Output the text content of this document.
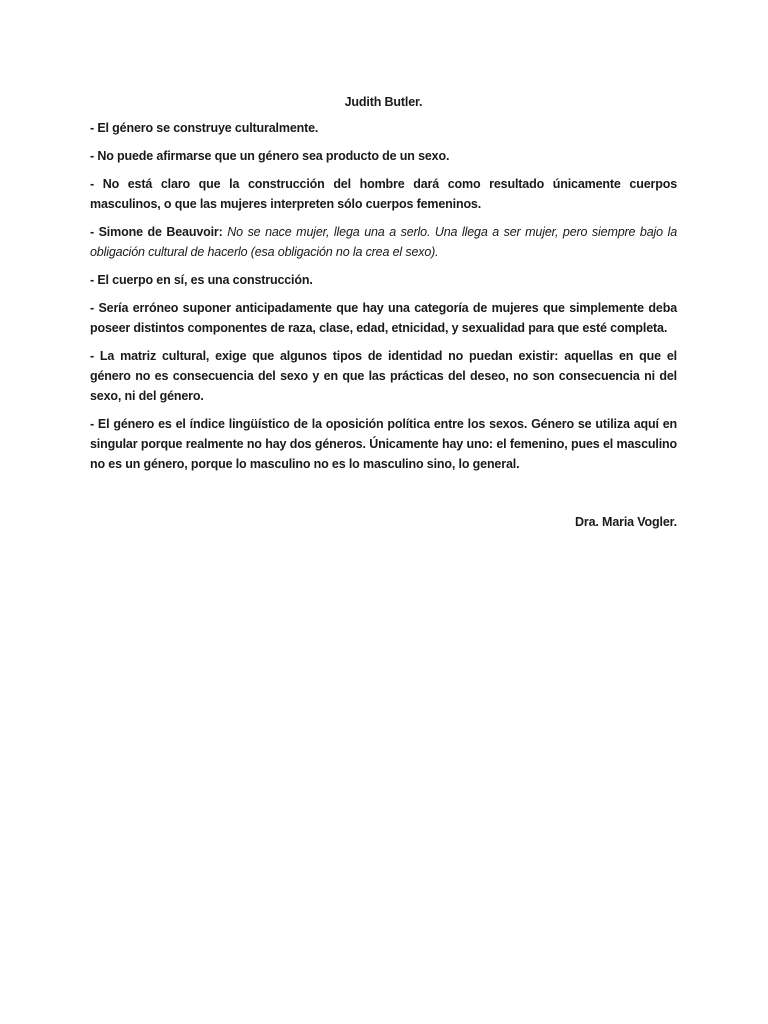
Judith Butler.

- El género se construye culturalmente.

- No puede afirmarse que un género sea producto de un sexo.

- No está claro que la construcción del hombre dará como resultado únicamente cuerpos masculinos, o que las mujeres interpreten sólo cuerpos femeninos.

- Simone de Beauvoir: No se nace mujer, llega una a serlo. Una llega a ser mujer, pero siempre bajo la obligación cultural de hacerlo (esa obligación no la crea el sexo).

- El cuerpo en sí, es una construcción.

- Sería erróneo suponer anticipadamente que hay una categoría de mujeres que simplemente deba poseer distintos componentes de raza, clase, edad, etnicidad, y sexualidad para que esté completa.

- La matriz cultural, exige que algunos tipos de identidad no puedan existir: aquellas en que el género no es consecuencia del sexo y en que las prácticas del deseo, no son consecuencia ni del sexo, ni del género.

- El género es el índice lingüístico de la oposición política entre los sexos. Género se utiliza aquí en singular porque realmente no hay dos géneros. Únicamente hay uno: el femenino, pues el masculino no es un género, porque lo masculino no es lo masculino sino, lo general.

Dra. Maria Vogler.
